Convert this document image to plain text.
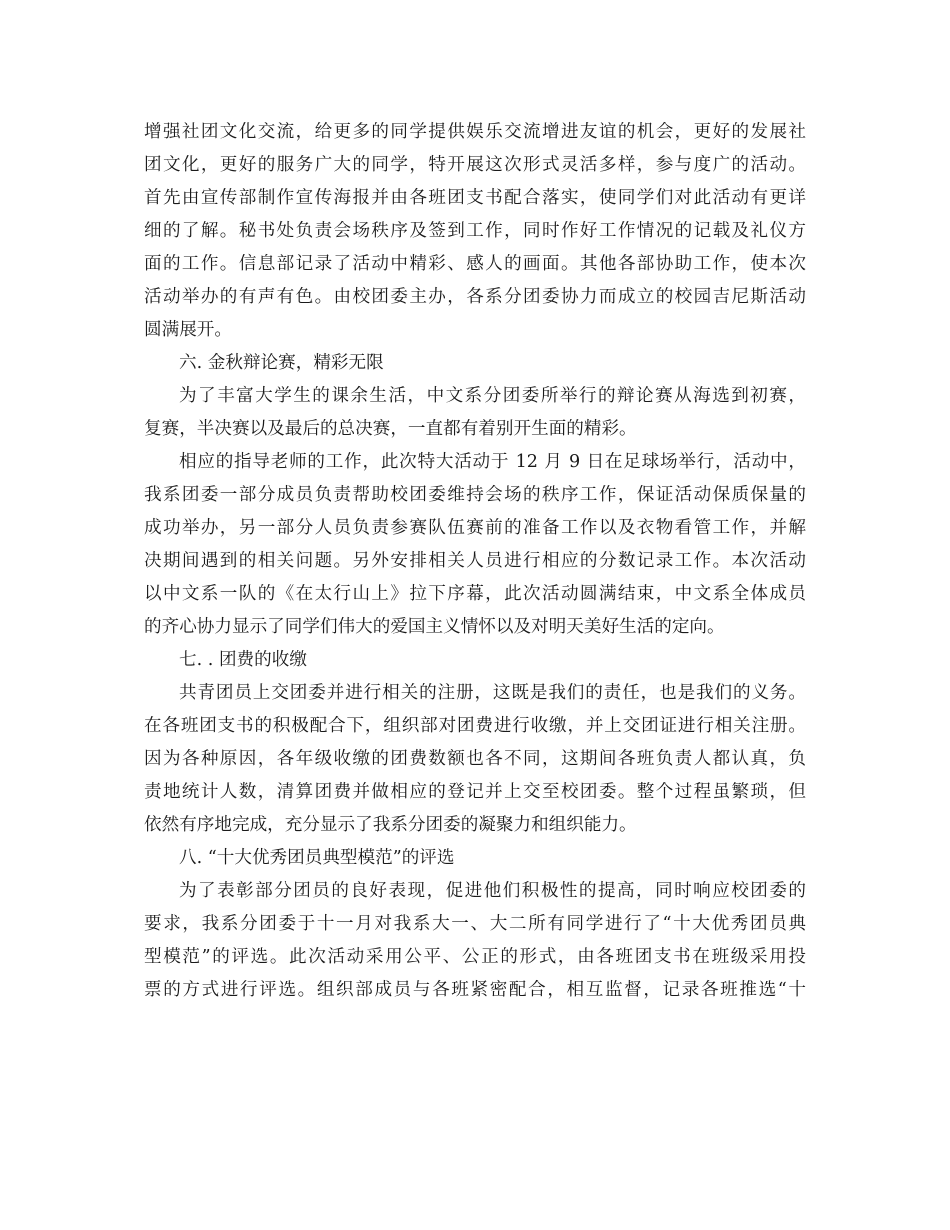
增强社团文化交流，给更多的同学提供娱乐交流增进友谊的机会，更好的发展社
团文化，更好的服务广大的同学，特开展这次形式灵活多样，参与度广的活动。
首先由宣传部制作宣传海报并由各班团支书配合落实，使同学们对此活动有更详
细的了解。秘书处负责会场秩序及签到工作，同时作好工作情况的记载及礼仪方
面的工作。信息部记录了活动中精彩、感人的画面。其他各部协助工作，使本次
活动举办的有声有色。由校团委主办，各系分团委协力而成立的校园吉尼斯活动
圆满展开。
六. 金秋辩论赛，精彩无限
为了丰富大学生的课余生活，中文系分团委所举行的辩论赛从海选到初赛，
复赛，半决赛以及最后的总决赛，一直都有着别开生面的精彩。
相应的指导老师的工作，此次特大活动于 12 月 9 日在足球场举行，活动中，
我系团委一部分成员负责帮助校团委维持会场的秩序工作，保证活动保质保量的
成功举办，另一部分人员负责参赛队伍赛前的准备工作以及衣物看管工作，并解
决期间遇到的相关问题。另外安排相关人员进行相应的分数记录工作。本次活动
以中文系一队的《在太行山上》拉下序幕，此次活动圆满结束，中文系全体成员
的齐心协力显示了同学们伟大的爱国主义情怀以及对明天美好生活的定向。
七. . 团费的收缴
共青团员上交团委并进行相关的注册，这既是我们的责任，也是我们的义务。
在各班团支书的积极配合下，组织部对团费进行收缴，并上交团证进行相关注册。
因为各种原因，各年级收缴的团费数额也各不同，这期间各班负责人都认真，负
责地统计人数，清算团费并做相应的登记并上交至校团委。整个过程虽繁琐，但
依然有序地完成，充分显示了我系分团委的凝聚力和组织能力。
八. “十大优秀团员典型模范”的评选
为了表彰部分团员的良好表现，促进他们积极性的提高，同时响应校团委的
要求，我系分团委于十一月对我系大一、大二所有同学进行了“十大优秀团员典
型模范”的评选。此次活动采用公平、公正的形式，由各班团支书在班级采用投
票的方式进行评选。组织部成员与各班紧密配合，相互监督，记录各班推选“十
